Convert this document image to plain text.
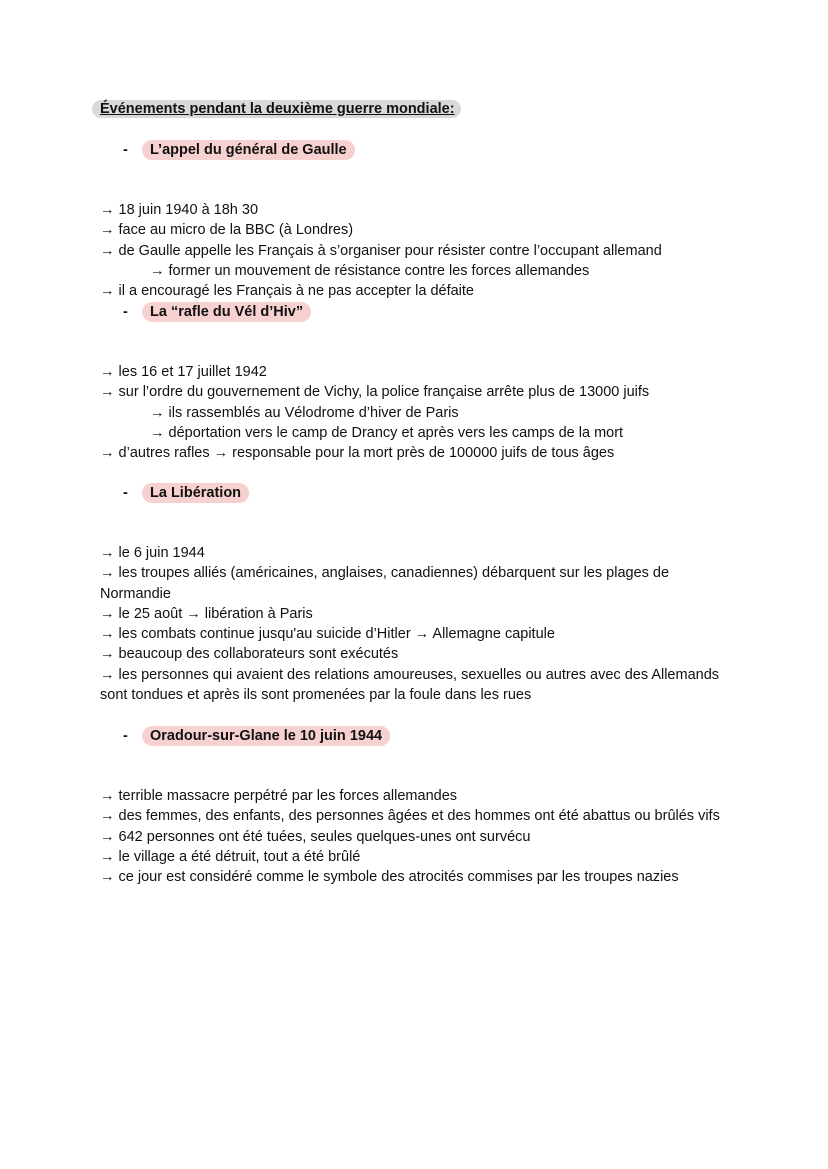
Événements pendant la deuxième guerre mondiale:
-	L’appel du général de Gaulle
→ 18 juin 1940 à 18h 30
→ face au micro de la BBC (à Londres)
→ de Gaulle appelle les Français à s’organiser pour résister contre l’occupant allemand
→ former un mouvement de résistance contre les forces allemandes
→ il a encouragé les Français à ne pas accepter la défaite
-	La “rafle du Vél d’Hiv”
→ les 16 et 17 juillet 1942
→ sur l’ordre du gouvernement de Vichy, la police française arrête plus de 13000 juifs
→ ils rassemblés au Vélodrome d’hiver de Paris
→ déportation vers le camp de Drancy et après vers les camps de la mort
→ d’autres rafles → responsable pour la mort près de 100000 juifs de tous âges
-	La Libération
→ le 6 juin 1944
→ les troupes alliés (américaines, anglaises, canadiennes) débarquent sur les plages de Normandie
→ le 25 août → libération à Paris
→ les combats continue jusqu'au suicide d’Hitler → Allemagne capitule
→ beaucoup des collaborateurs sont exécutés
→ les personnes qui avaient des relations amoureuses, sexuelles ou autres avec des Allemands sont tondues et après ils sont promenées par la foule dans les rues
-	Oradour-sur-Glane le 10 juin 1944
→ terrible massacre perpétré par les forces allemandes
→ des femmes, des enfants, des personnes âgées et des hommes ont été abattus ou brûlés vifs
→ 642 personnes ont été tuées, seules quelques-unes ont survécu
→ le village a été détruit, tout a été brûlé
→ ce jour est considéré comme le symbole des atrocités commises par les troupes nazies
